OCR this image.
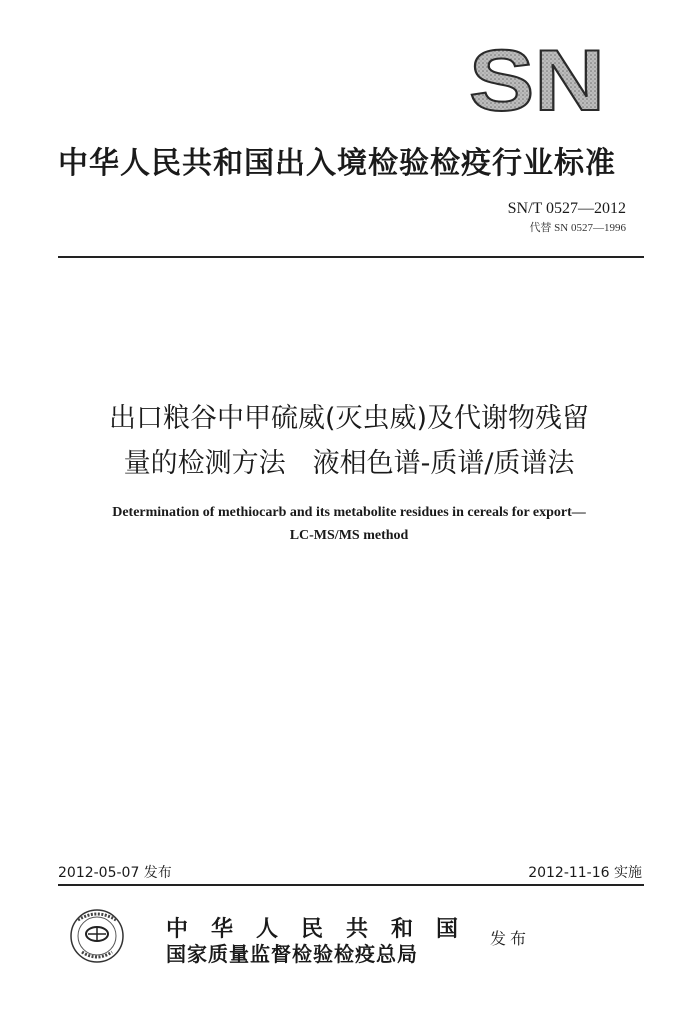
SN
中华人民共和国出入境检验检疫行业标准
SN/T 0527—2012
代替 SN 0527—1996
出口粮谷中甲硫威(灭虫威)及代谢物残留
量的检测方法　液相色谱-质谱/质谱法
Determination of methiocarb and its metabolite residues in cereals for export—
LC-MS/MS method
2012-05-07 发布	2012-11-16 实施
中华人民共和国
国家质量监督检验检疫总局
发布
